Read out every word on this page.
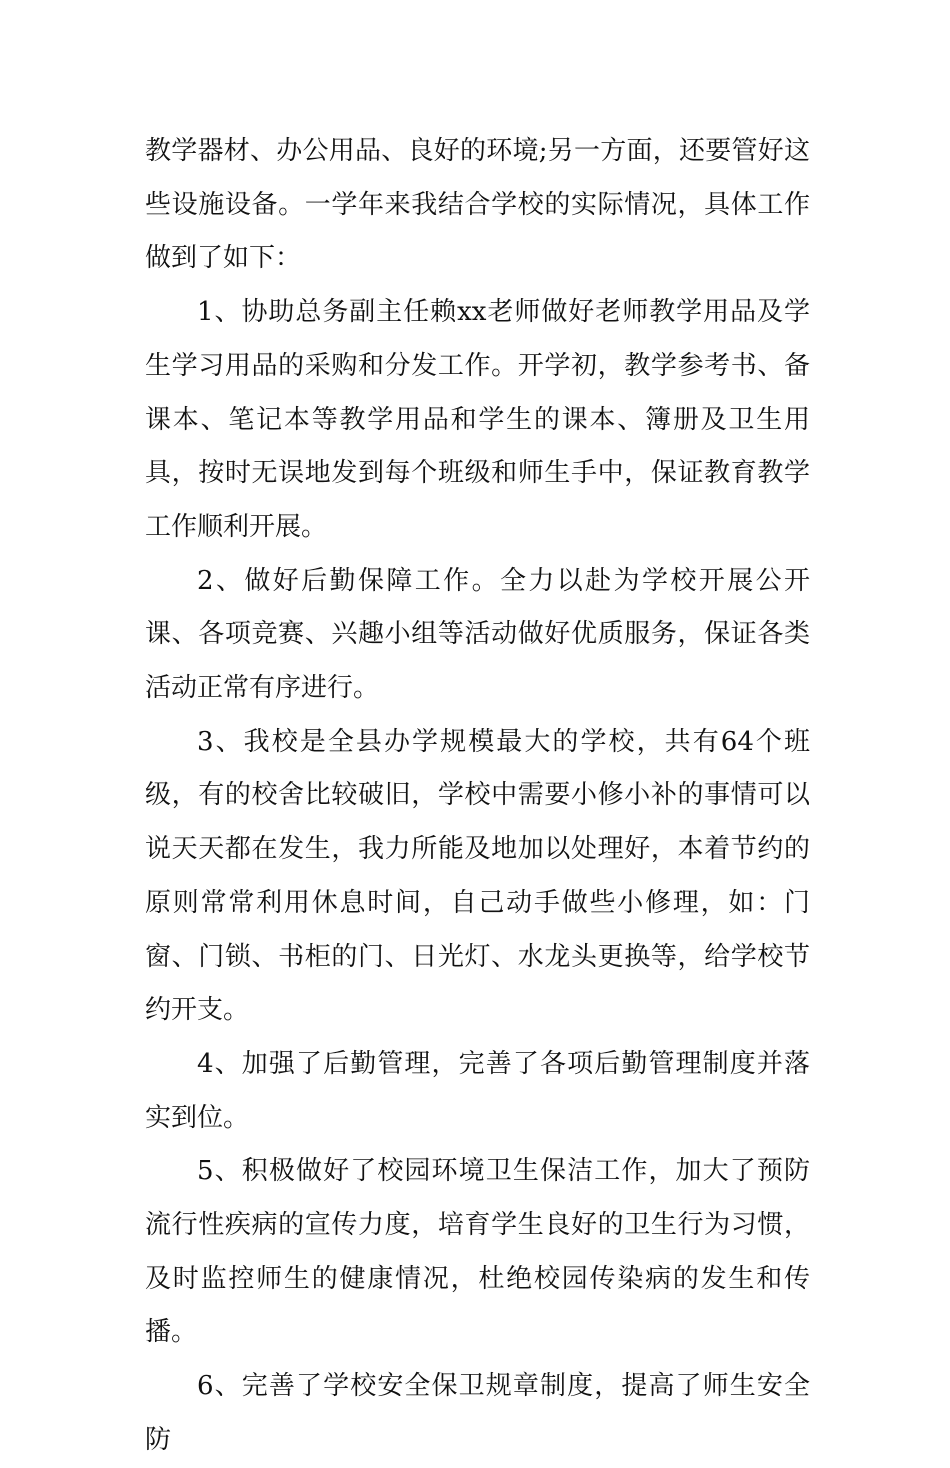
教学器材、办公用品、良好的环境;另一方面，还要管好这些设施设备。一学年来我结合学校的实际情况，具体工作做到了如下：

1、协助总务副主任赖xx老师做好老师教学用品及学生学习用品的采购和分发工作。开学初，教学参考书、备课本、笔记本等教学用品和学生的课本、簿册及卫生用具，按时无误地发到每个班级和师生手中，保证教育教学工作顺利开展。

2、做好后勤保障工作。全力以赴为学校开展公开课、各项竞赛、兴趣小组等活动做好优质服务，保证各类活动正常有序进行。

3、我校是全县办学规模最大的学校，共有64个班级，有的校舍比较破旧，学校中需要小修小补的事情可以说天天都在发生，我力所能及地加以处理好，本着节约的原则常常利用休息时间，自己动手做些小修理，如：门窗、门锁、书柜的门、日光灯、水龙头更换等，给学校节约开支。

4、加强了后勤管理，完善了各项后勤管理制度并落实到位。

5、积极做好了校园环境卫生保洁工作，加大了预防流行性疾病的宣传力度，培育学生良好的卫生行为习惯，及时监控师生的健康情况，杜绝校园传染病的发生和传播。

6、完善了学校安全保卫规章制度，提高了师生安全防
